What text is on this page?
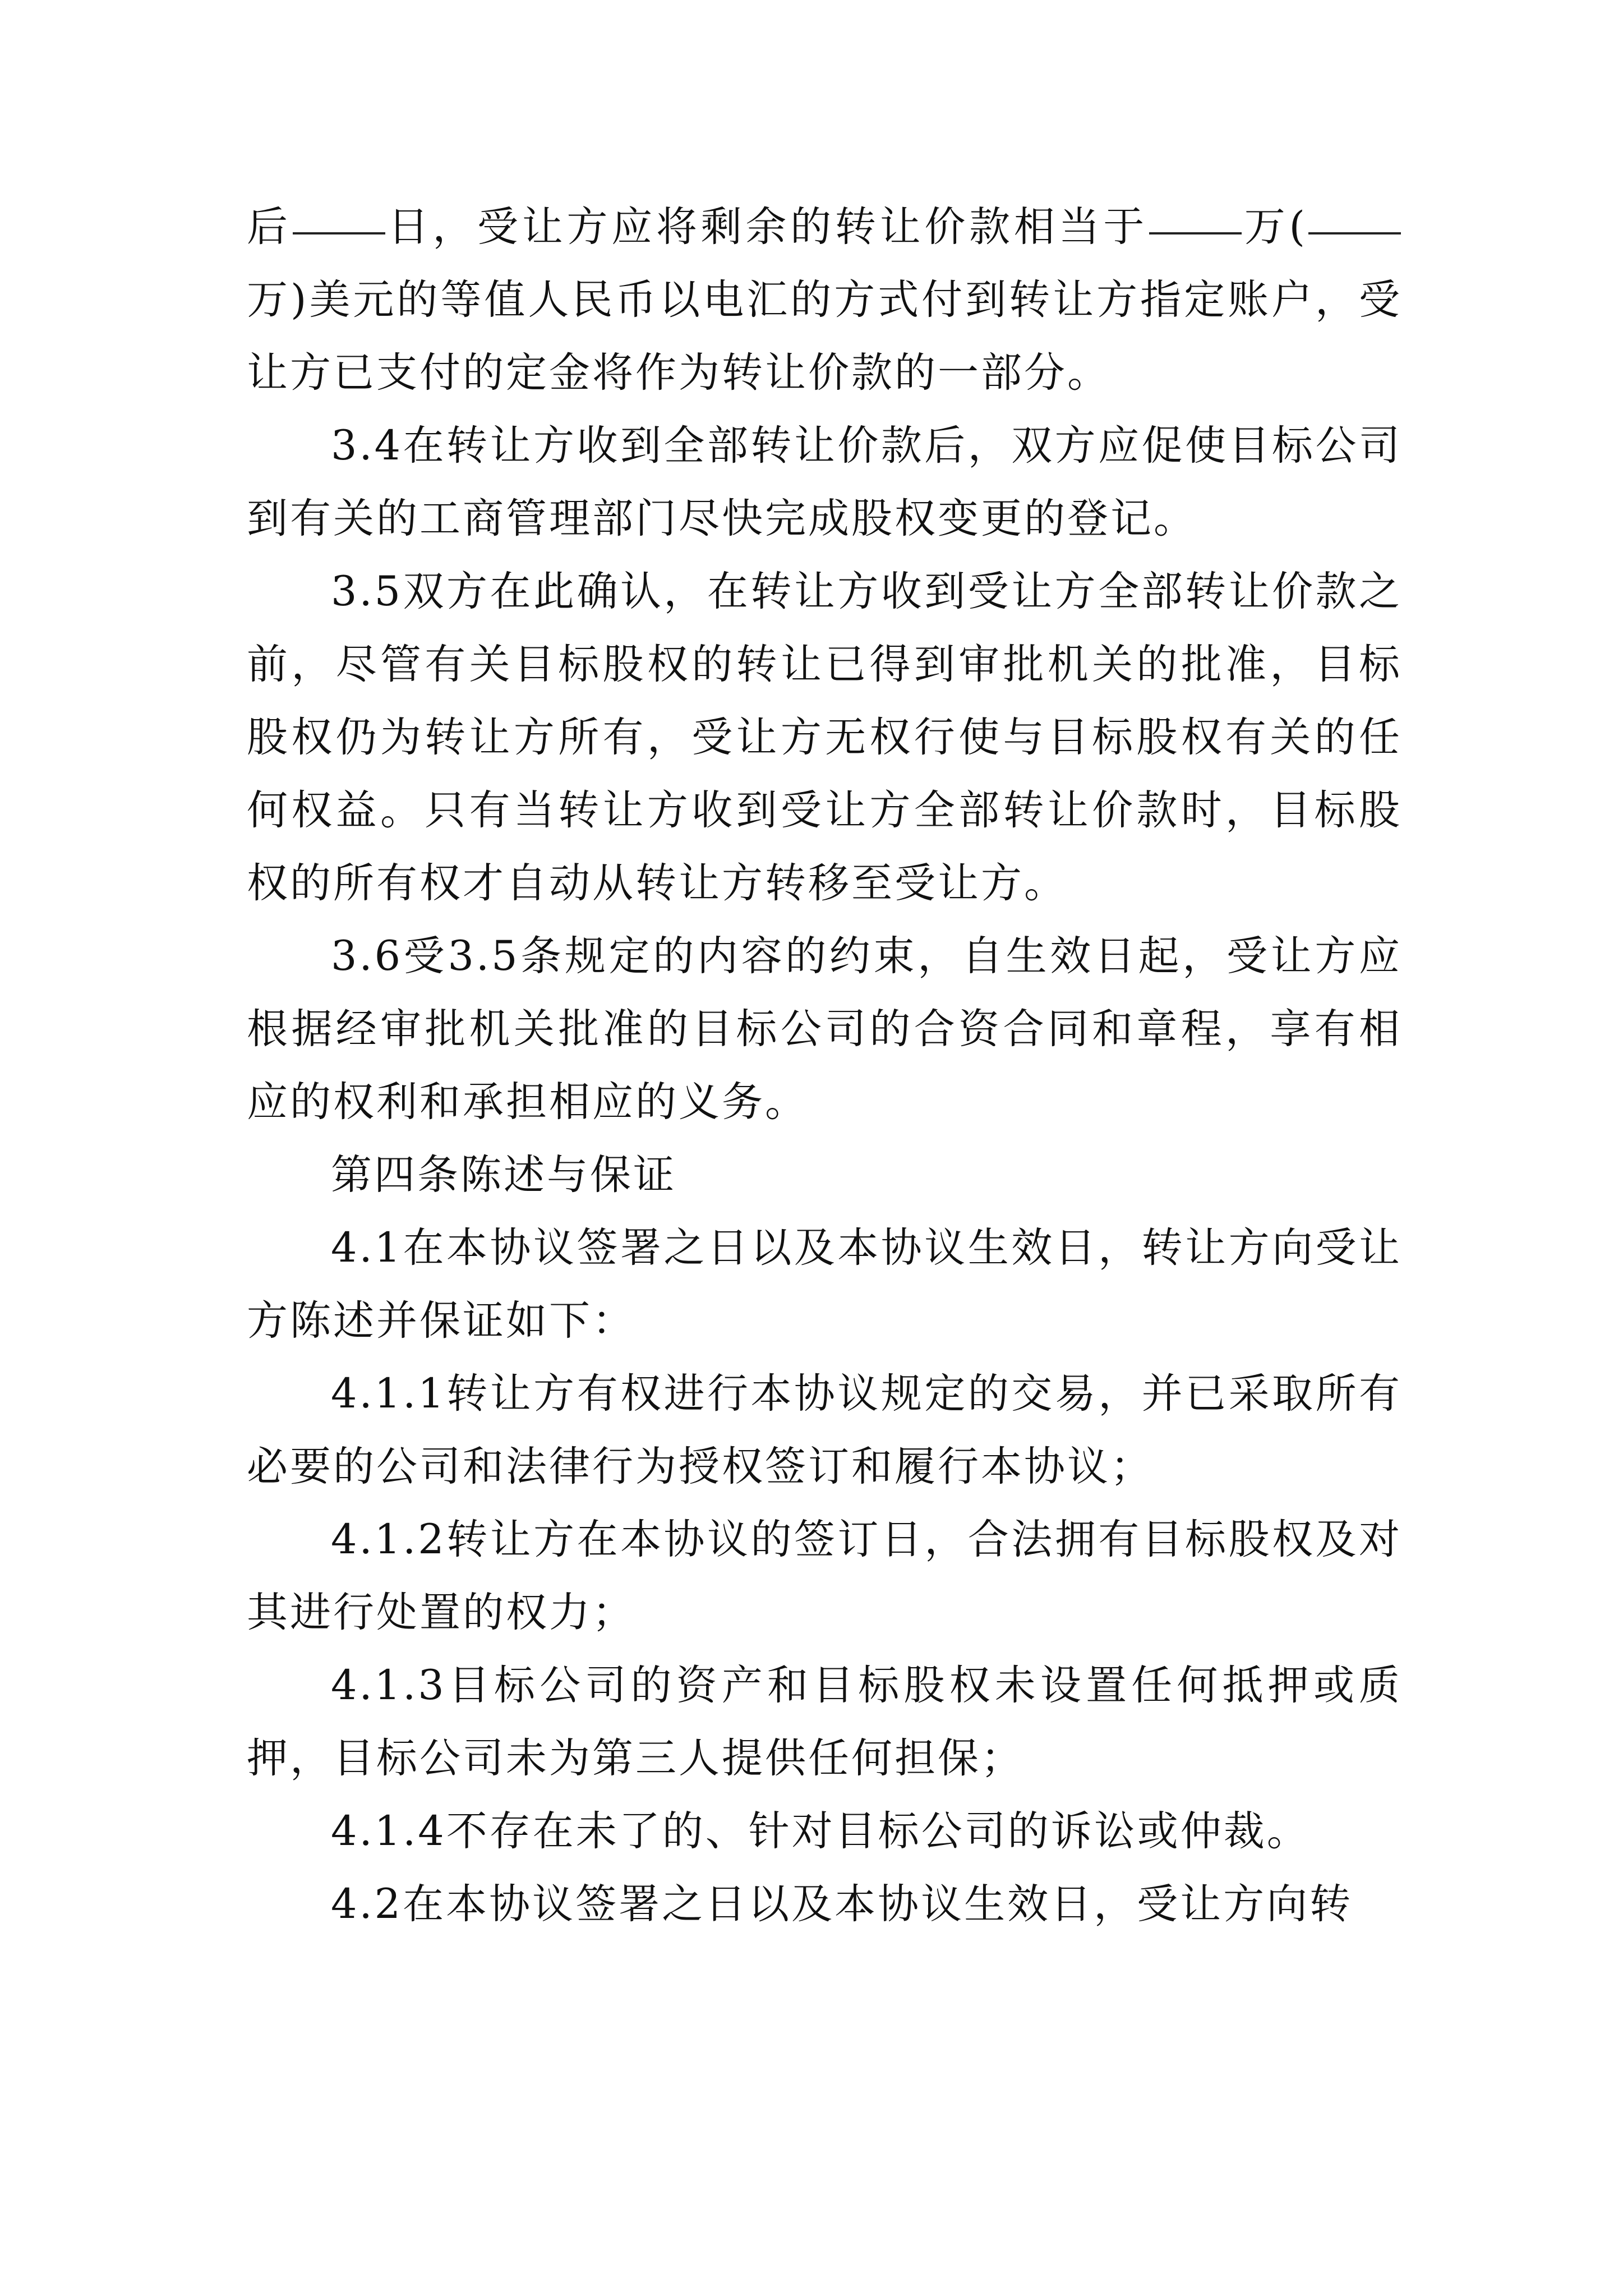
后 日，受让方应将剩余的转让价款相当于 万(万)美元的等值人民币以电汇的方式付到转让方指定账户，受让方已支付的定金将作为转让价款的一部分。

3.4在转让方收到全部转让价款后，双方应促使目标公司到有关的工商管理部门尽快完成股权变更的登记。

3.5双方在此确认，在转让方收到受让方全部转让价款之前，尽管有关目标股权的转让已得到审批机关的批准，目标股权仍为转让方所有，受让方无权行使与目标股权有关的任何权益。只有当转让方收到受让方全部转让价款时，目标股权的所有权才自动从转让方转移至受让方。

3.6受3.5条规定的内容的约束，自生效日起，受让方应根据经审批机关批准的目标公司的合资合同和章程，享有相应的权利和承担相应的义务。

第四条陈述与保证

4.1在本协议签署之日以及本协议生效日，转让方向受让方陈述并保证如下：

4.1.1转让方有权进行本协议规定的交易，并已采取所有必要的公司和法律行为授权签订和履行本协议；

4.1.2转让方在本协议的签订日，合法拥有目标股权及对其进行处置的权力；

4.1.3目标公司的资产和目标股权未设置任何抵押或质押，目标公司未为第三人提供任何担保；

4.1.4不存在未了的、针对目标公司的诉讼或仲裁。

4.2在本协议签署之日以及本协议生效日，受让方向转
